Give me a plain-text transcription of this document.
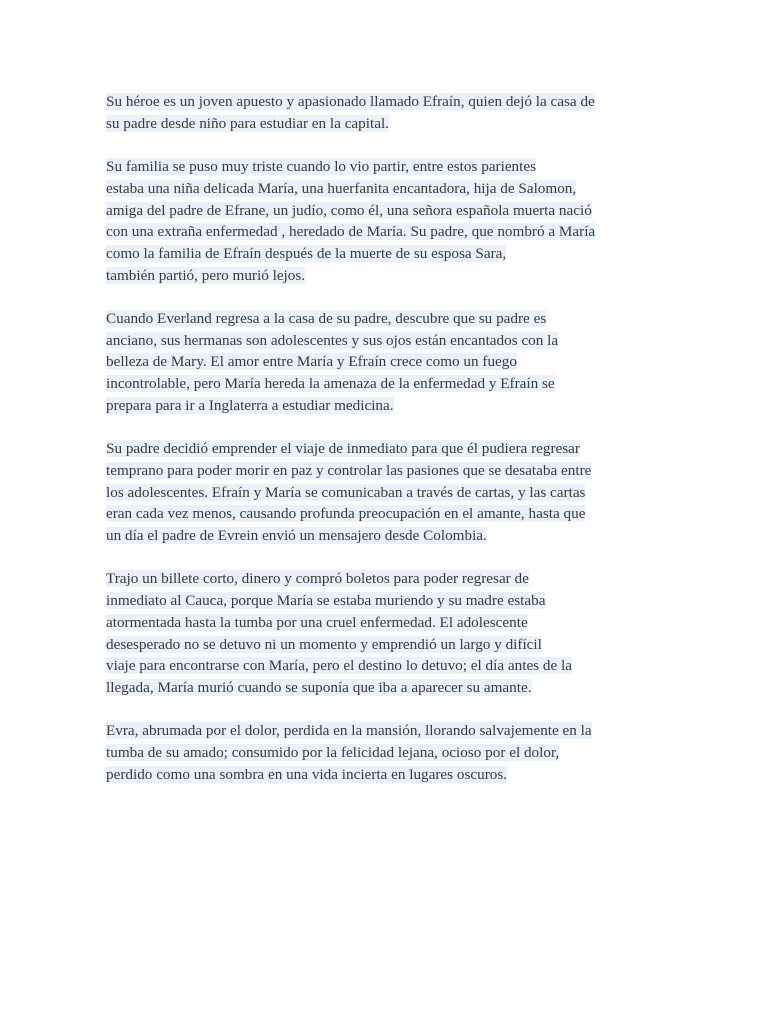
Su héroe es un joven apuesto y apasionado llamado Efraín, quien dejó la casa de
su padre desde niño para estudiar en la capital.

Su familia se puso muy triste cuando lo vio partir, entre estos parientes
estaba una niña delicada María, una huerfanita encantadora, hija de Salomon,
amiga del padre de Efrane, un judío, como él, una señora española muerta nació
con una extraña enfermedad , heredado de María. Su padre, que nombró a María
como la familia de Efraín después de la muerte de su esposa Sara,
también partió, pero murió lejos.

Cuando Everland regresa a la casa de su padre, descubre que su padre es
anciano, sus hermanas son adolescentes y sus ojos están encantados con la
belleza de Mary. El amor entre María y Efraín crece como un fuego
incontrolable, pero María hereda la amenaza de la enfermedad y Efraín se
prepara para ir a Inglaterra a estudiar medicina.

Su padre decidió emprender el viaje de inmediato para que él pudiera regresar
temprano para poder morir en paz y controlar las pasiones que se desataba entre
los adolescentes. Efraín y María se comunicaban a través de cartas, y las cartas
eran cada vez menos, causando profunda preocupación en el amante, hasta que
un día el padre de Evrein envió un mensajero desde Colombia.

Trajo un billete corto, dinero y compró boletos para poder regresar de
inmediato al Cauca, porque María se estaba muriendo y su madre estaba
atormentada hasta la tumba por una cruel enfermedad. El adolescente
desesperado no se detuvo ni un momento y emprendió un largo y difícil
viaje para encontrarse con María, pero el destino lo detuvo; el día antes de la
llegada, María murió cuando se suponía que iba a aparecer su amante.

Evra, abrumada por el dolor, perdida en la mansión, llorando salvajemente en la
tumba de su amado; consumido por la felicidad lejana, ocioso por el dolor,
perdido como una sombra en una vida incierta en lugares oscuros.
